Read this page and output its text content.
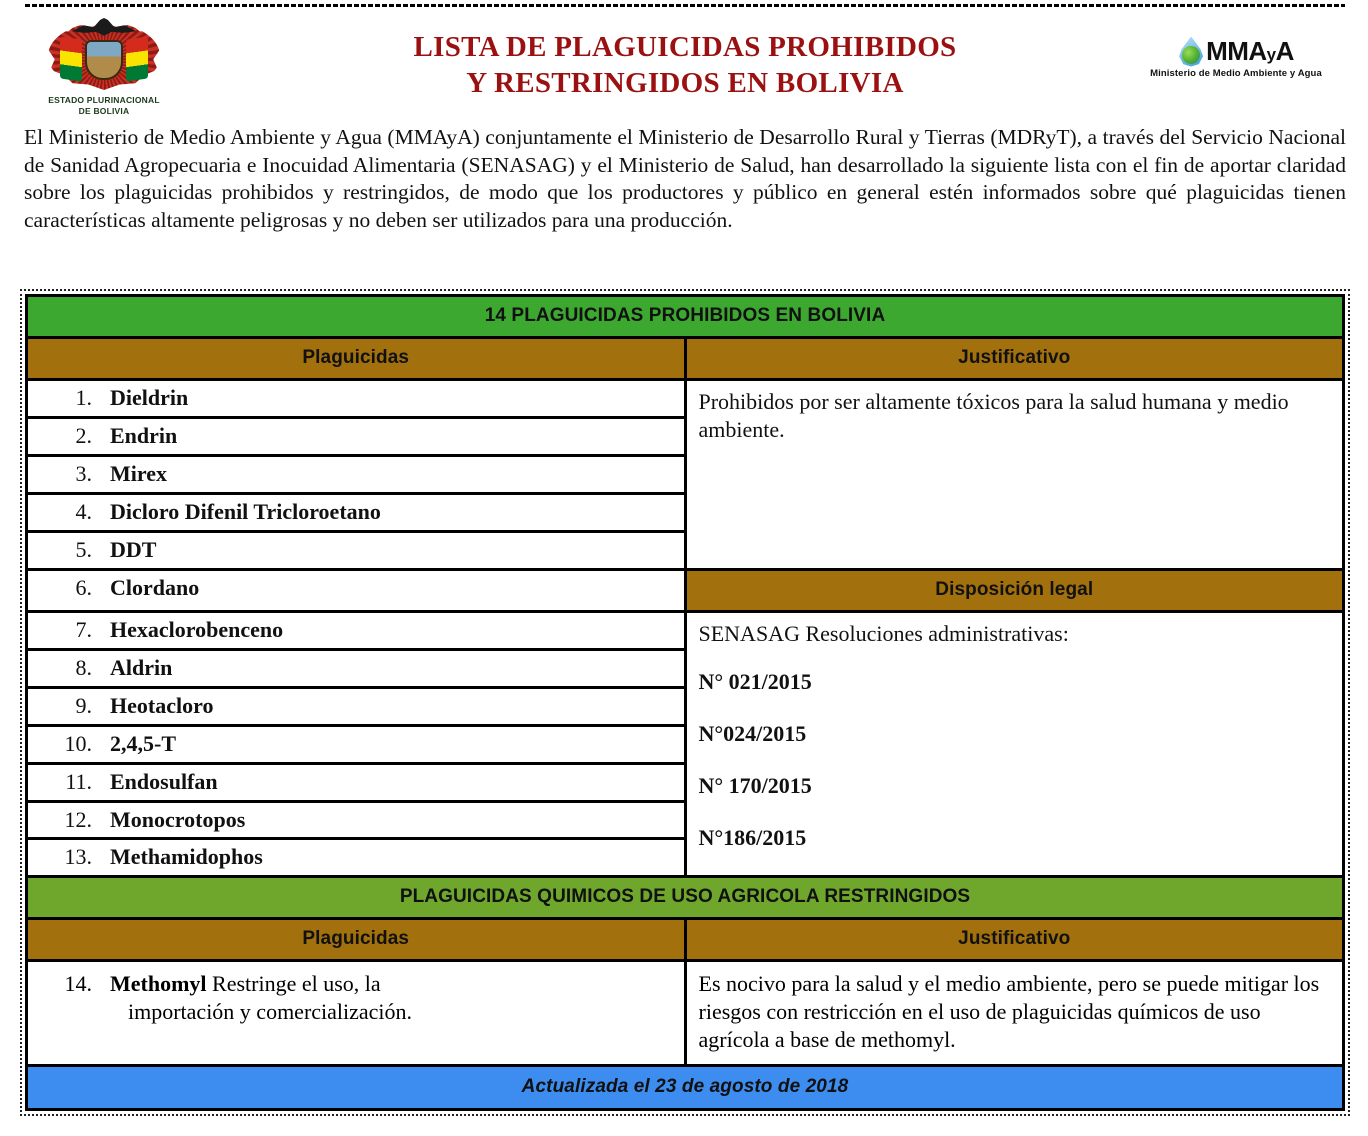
ESTADO PLURINACIONAL
DE BOLIVIA
LISTA DE PLAGUICIDAS PROHIBIDOS
Y RESTRINGIDOS EN BOLIVIA
MMAyA
Ministerio de Medio Ambiente y Agua
El Ministerio de Medio Ambiente y Agua (MMAyA) conjuntamente el Ministerio de Desarrollo Rural y Tierras (MDRyT), a través del Servicio Nacional de Sanidad Agropecuaria e Inocuidad Alimentaria (SENASAG) y el Ministerio de Salud, han desarrollado la siguiente lista con el fin de aportar claridad sobre los plaguicidas prohibidos y restringidos, de modo que los productores y público en general estén informados sobre qué plaguicidas tienen características altamente peligrosas y no deben ser utilizados para una producción.
14 PLAGUICIDAS PROHIBIDOS EN BOLIVIA	
Plaguicidas	Justificativo
1. Dieldrin	Prohibidos por ser altamente tóxicos para la salud humana y medio ambiente.
2. Endrin	
3. Mirex	
4. Dicloro Difenil Tricloroetano	
5. DDT	
6. Clordano	Disposición legal
7. Hexaclorobenceno	SENASAG Resoluciones administrativas:
N° 021/2015
N°024/2015
N° 170/2015
N°186/2015

8. Aldrin	
9. Heotacloro	
10. 2,4,5-T	
11. Endosulfan	
12. Monocrotopos	
13. Methamidophos	
PLAGUICIDAS QUIMICOS DE USO AGRICOLA RESTRINGIDOS	
Plaguicidas	Justificativo
14. Methomyl Restringe el uso, la
importación y comercialización.	Es nocivo para la salud y el medio ambiente, pero se puede mitigar los riesgos con restricción en el uso de plaguicidas químicos de uso agrícola a base de methomyl.
Actualizada el 23 de agosto de 2018	
